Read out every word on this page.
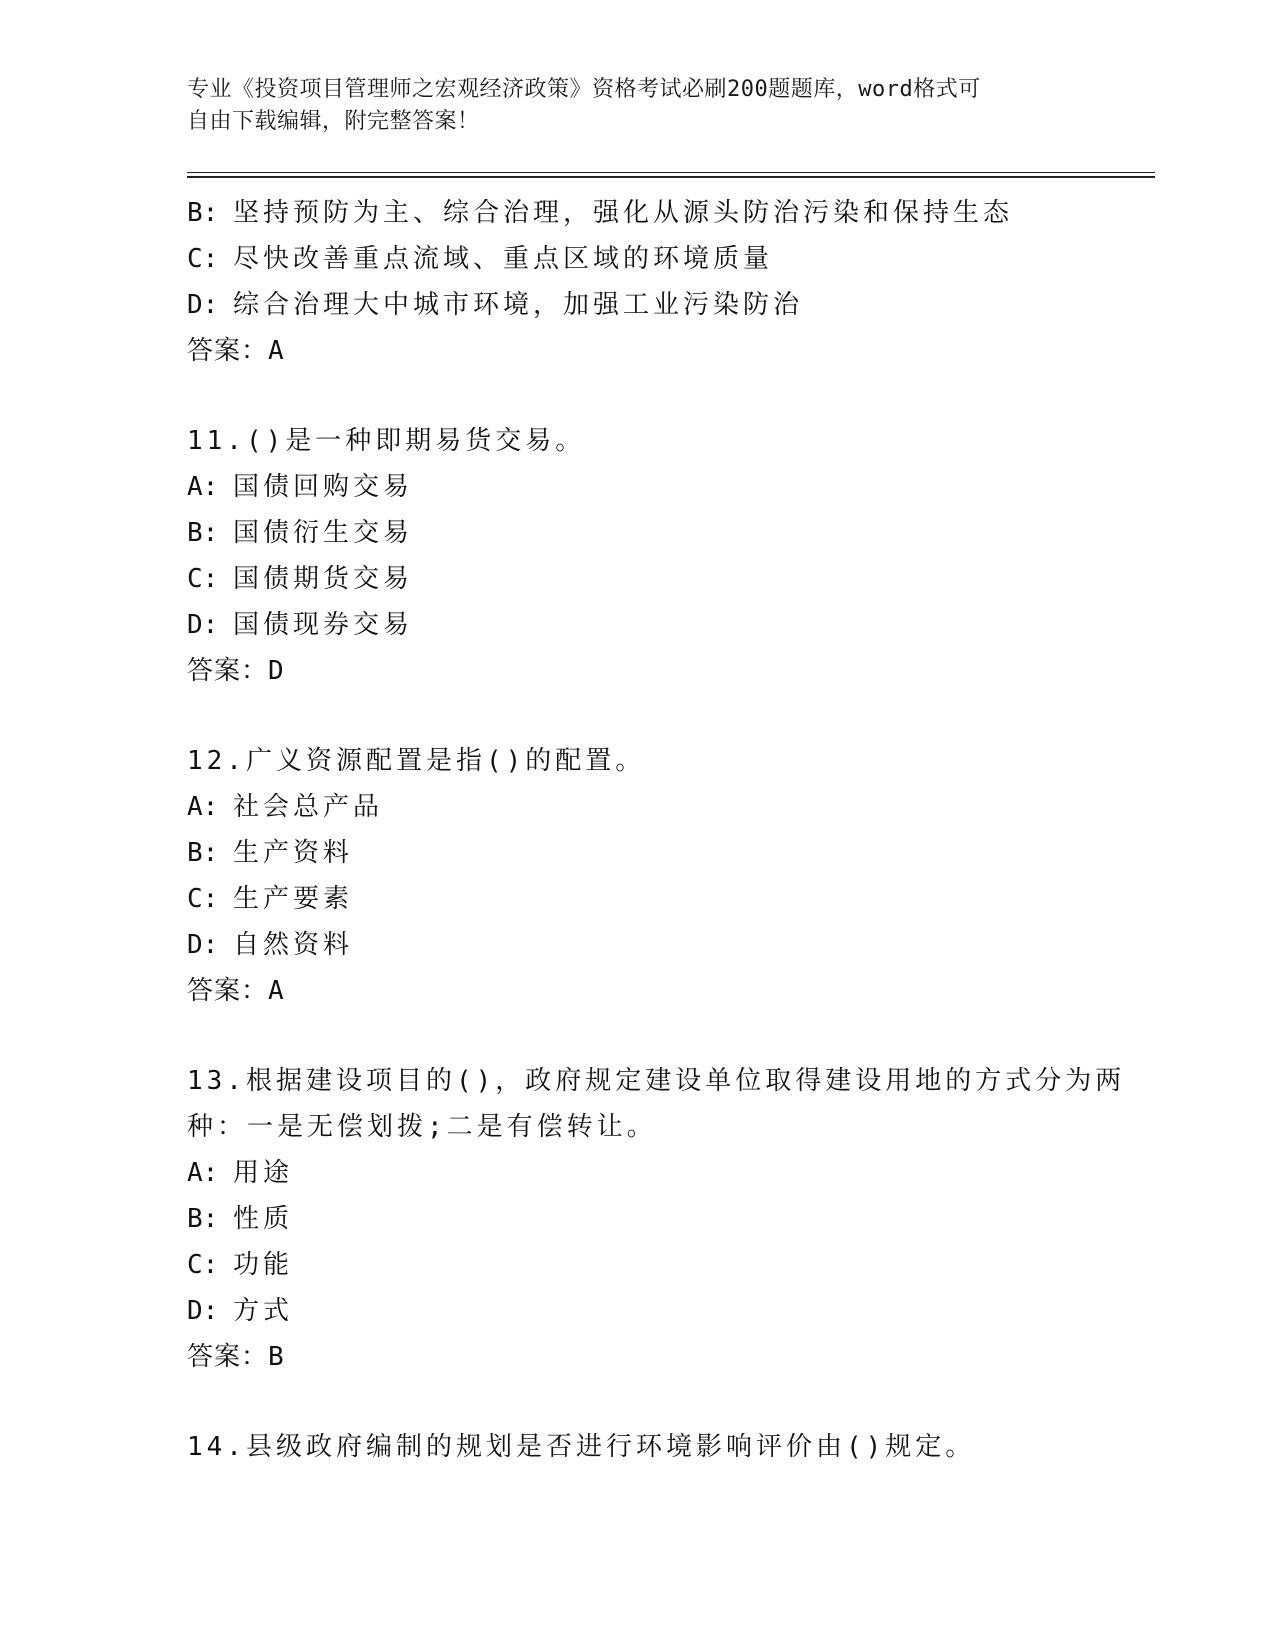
专业《投资项目管理师之宏观经济政策》资格考试必刷200题题库，word格式可
自由下载编辑，附完整答案！
B: 坚持预防为主、综合治理，强化从源头防治污染和保持生态
C: 尽快改善重点流域、重点区域的环境质量
D: 综合治理大中城市环境，加强工业污染防治
答案：A
11.()是一种即期易货交易。
A: 国债回购交易
B: 国债衍生交易
C: 国债期货交易
D: 国债现券交易
答案：D
12.广义资源配置是指()的配置。
A: 社会总产品
B: 生产资料
C: 生产要素
D: 自然资料
答案：A
13.根据建设项目的()，政府规定建设单位取得建设用地的方式分为两
种：一是无偿划拨;二是有偿转让。
A: 用途
B: 性质
C: 功能
D: 方式
答案：B
14.县级政府编制的规划是否进行环境影响评价由()规定。
